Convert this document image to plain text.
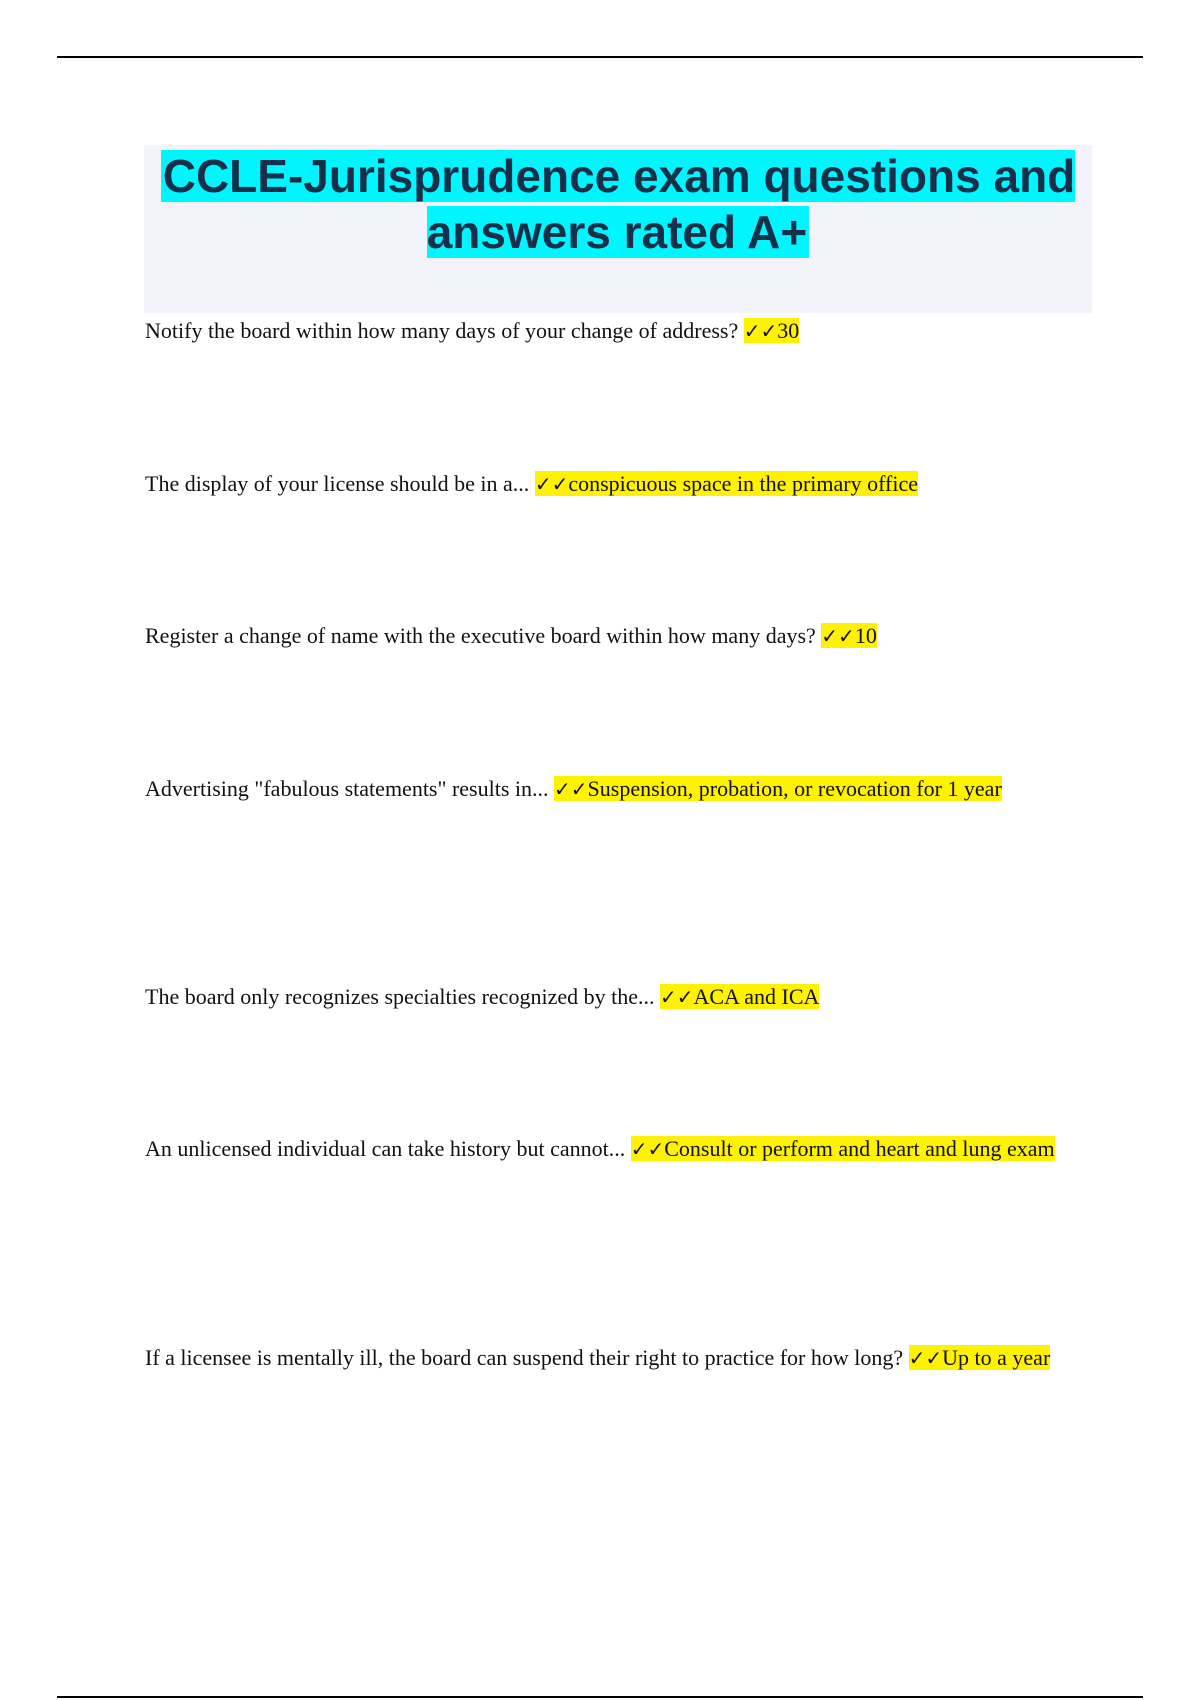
CCLE-Jurisprudence exam questions and answers rated A+

Notify the board within how many days of your change of address? ✓✓30

The display of your license should be in a... ✓✓conspicuous space in the primary office

Register a change of name with the executive board within how many days? ✓✓10

Advertising "fabulous statements" results in... ✓✓Suspension, probation, or revocation for 1 year

The board only recognizes specialties recognized by the... ✓✓ACA and ICA

An unlicensed individual can take history but cannot... ✓✓Consult or perform and heart and lung exam

If a licensee is mentally ill, the board can suspend their right to practice for how long? ✓✓Up to a year
